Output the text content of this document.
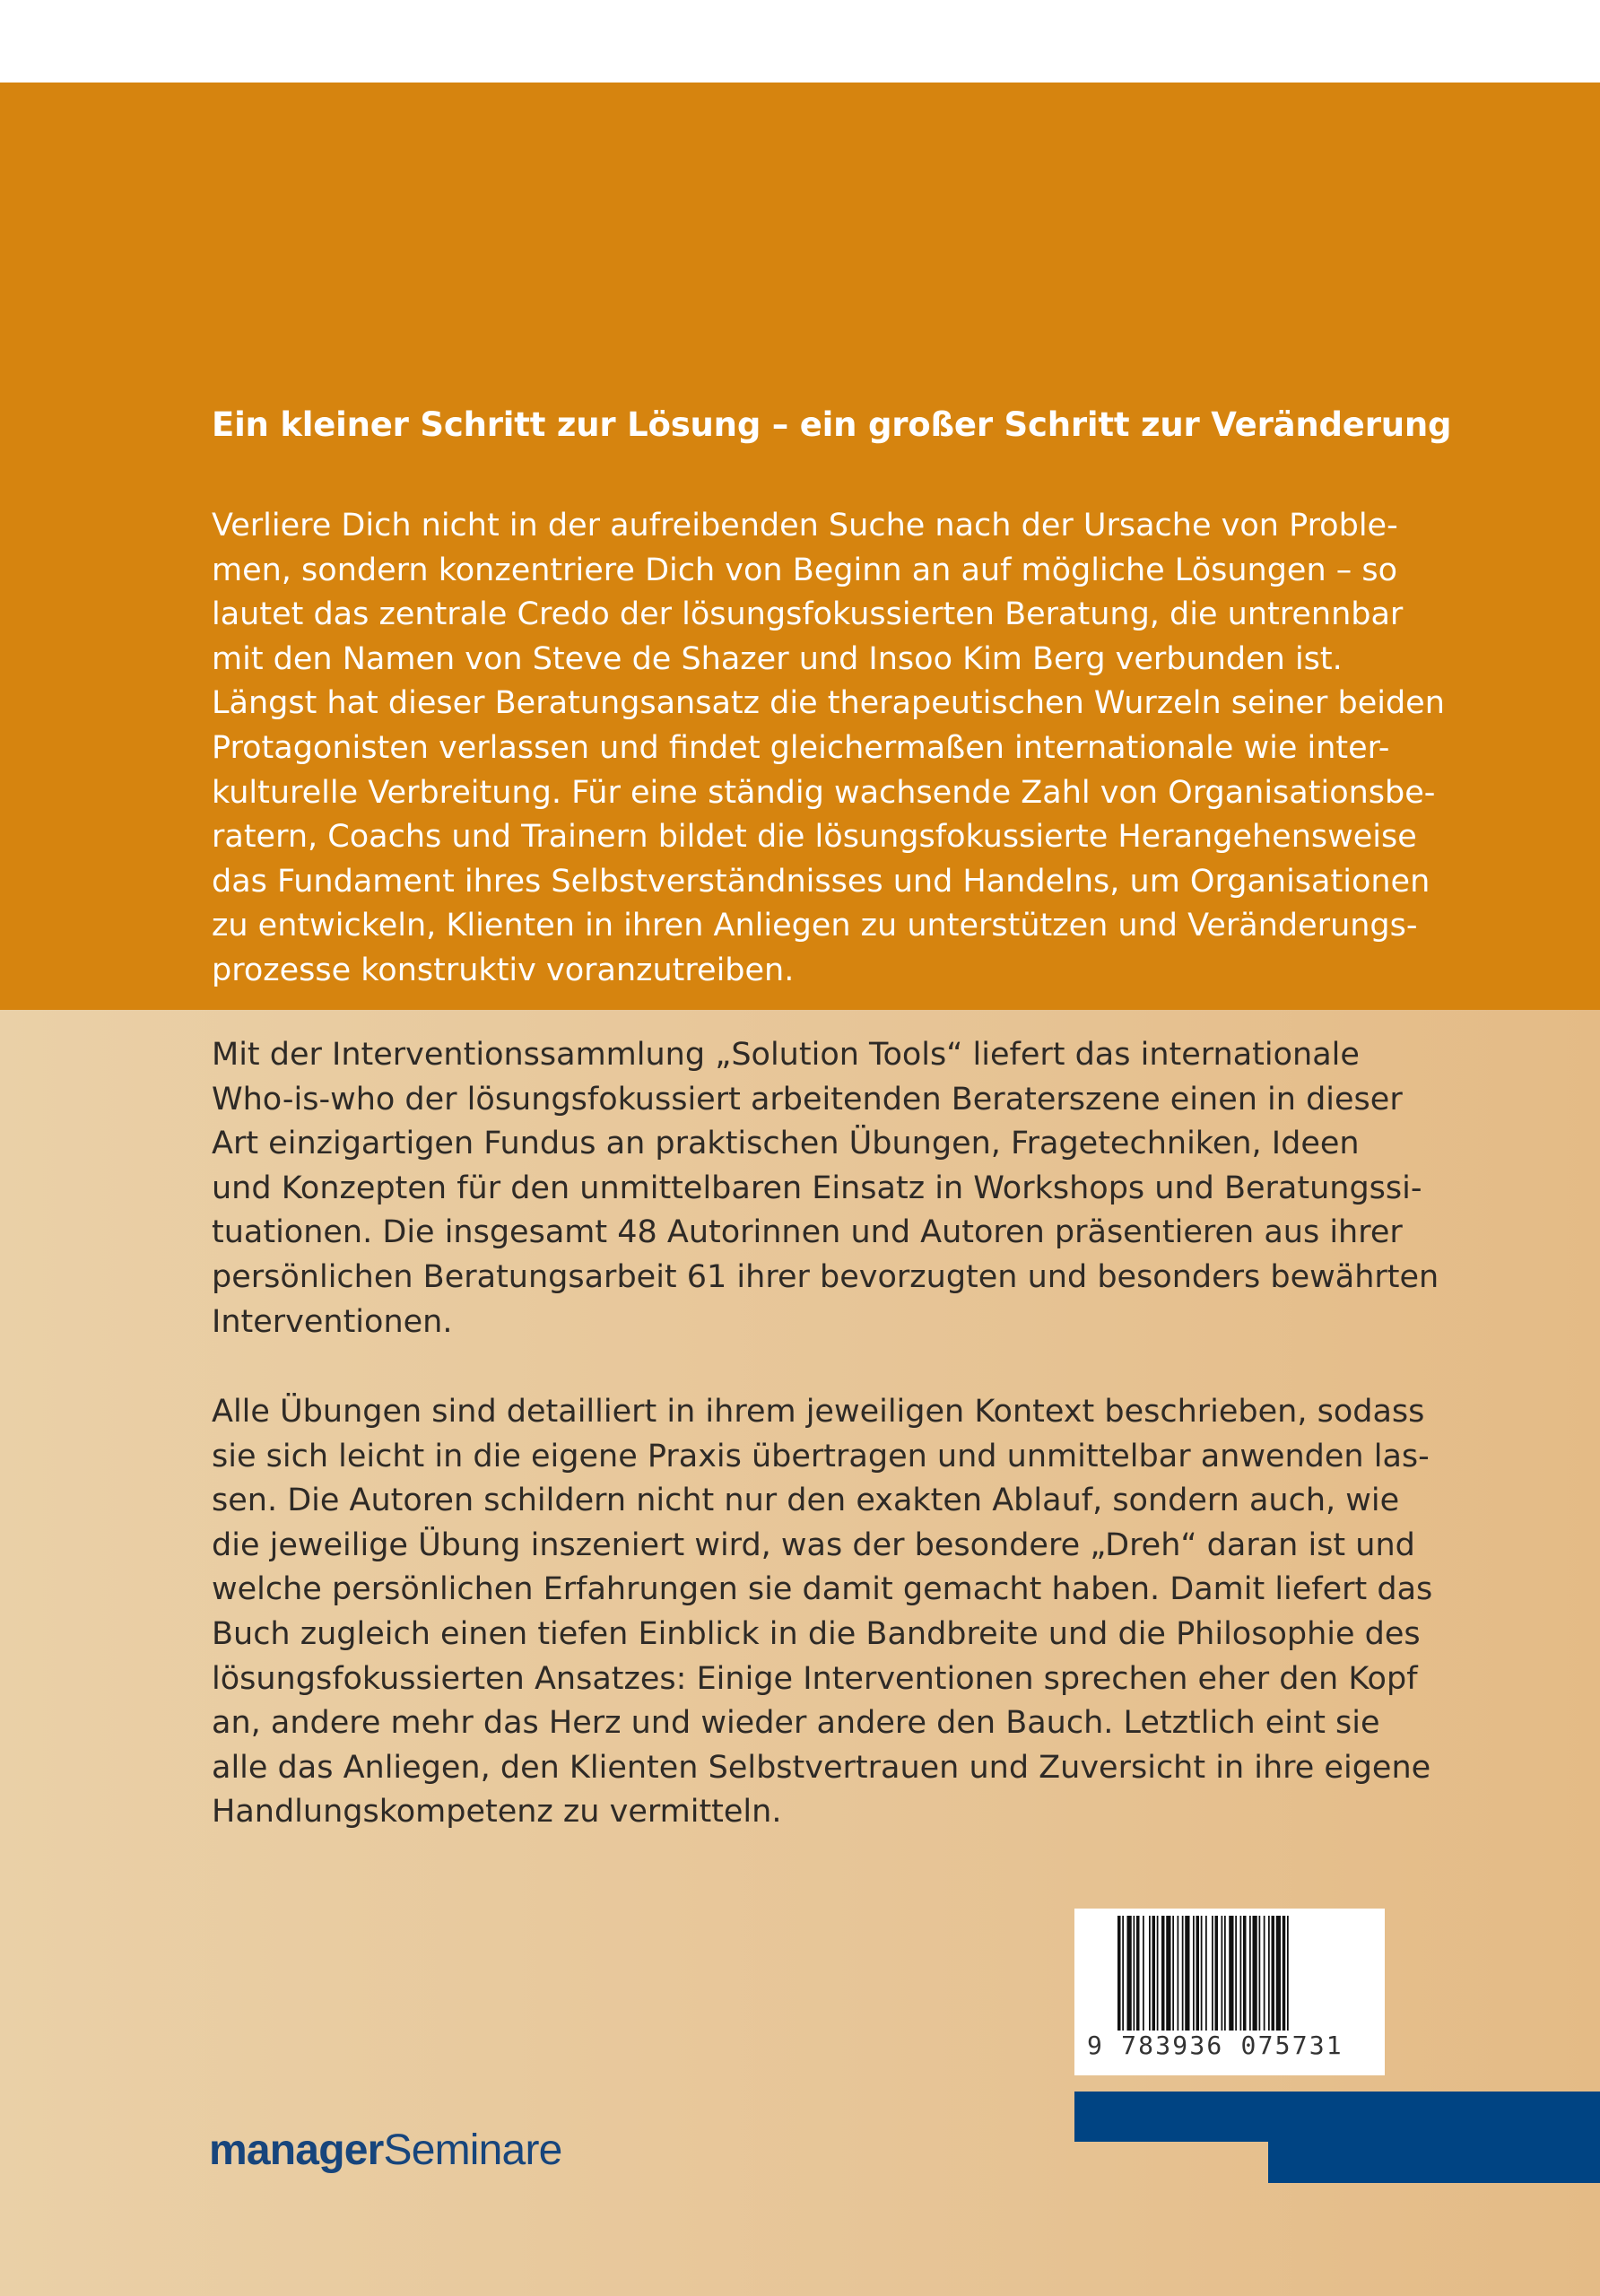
Ein kleiner Schritt zur Lösung – ein großer Schritt zur Veränderung

Verliere Dich nicht in der aufreibenden Suche nach der Ursache von Proble-
men, sondern konzentriere Dich von Beginn an auf mögliche Lösungen – so
lautet das zentrale Credo der lösungsfokussierten Beratung, die untrennbar
mit den Namen von Steve de Shazer und Insoo Kim Berg verbunden ist.
Längst hat dieser Beratungsansatz die therapeutischen Wurzeln seiner beiden
Protagonisten verlassen und findet gleichermaßen internationale wie inter-
kulturelle Verbreitung. Für eine ständig wachsende Zahl von Organisationsbe-
ratern, Coachs und Trainern bildet die lösungsfokussierte Herangehensweise
das Fundament ihres Selbstverständnisses und Handelns, um Organisationen
zu entwickeln, Klienten in ihren Anliegen zu unterstützen und Veränderungs-
prozesse konstruktiv voranzutreiben.

Mit der Interventionssammlung „Solution Tools“ liefert das internationale
Who-is-who der lösungsfokussiert arbeitenden Beraterszene einen in dieser
Art einzigartigen Fundus an praktischen Übungen, Fragetechniken, Ideen
und Konzepten für den unmittelbaren Einsatz in Workshops und Beratungssi-
tuationen. Die insgesamt 48 Autorinnen und Autoren präsentieren aus ihrer
persönlichen Beratungsarbeit 61 ihrer bevorzugten und besonders bewährten
Interventionen.

Alle Übungen sind detailliert in ihrem jeweiligen Kontext beschrieben, sodass
sie sich leicht in die eigene Praxis übertragen und unmittelbar anwenden las-
sen. Die Autoren schildern nicht nur den exakten Ablauf, sondern auch, wie
die jeweilige Übung inszeniert wird, was der besondere „Dreh“ daran ist und
welche persönlichen Erfahrungen sie damit gemacht haben. Damit liefert das
Buch zugleich einen tiefen Einblick in die Bandbreite und die Philosophie des
lösungsfokussierten Ansatzes: Einige Interventionen sprechen eher den Kopf
an, andere mehr das Herz und wieder andere den Bauch. Letztlich eint sie
alle das Anliegen, den Klienten Selbstvertrauen und Zuversicht in ihre eigene
Handlungskompetenz zu vermitteln.

9 783936 075731

managerSeminare
